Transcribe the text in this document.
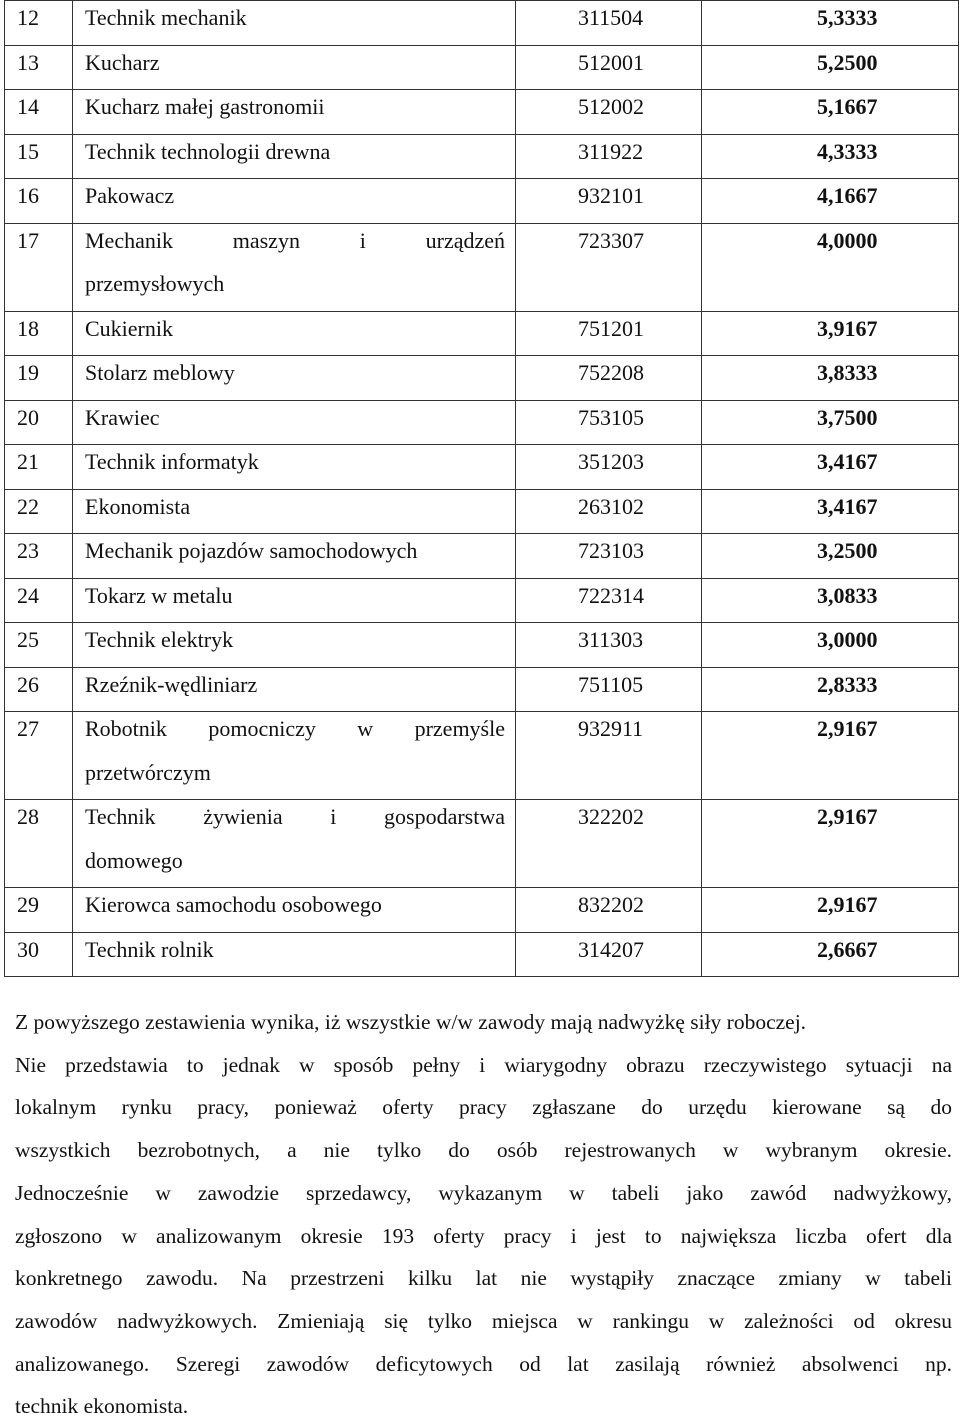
12	Technik mechanik	311504	5,3333

13	Kucharz	512001	5,2500

14	Kucharz małej gastronomii	512002	5,1667

15	Technik technologii drewna	311922	4,3333

16	Pakowacz	932101	4,1667

17	Mechanik maszyn i urządzeń
przemysłowych	723307	4,0000

18	Cukiernik	751201	3,9167

19	Stolarz meblowy	752208	3,8333

20	Krawiec	753105	3,7500

21	Technik informatyk	351203	3,4167

22	Ekonomista	263102	3,4167

23	Mechanik pojazdów samochodowych	723103	3,2500

24	Tokarz w metalu	722314	3,0833

25	Technik elektryk	311303	3,0000

26	Rzeźnik-wędliniarz	751105	2,8333

27	Robotnik pomocniczy w przemyśle
przetwórczym	932911	2,9167

28	Technik żywienia i gospodarstwa
domowego	322202	2,9167

29	Kierowca samochodu osobowego	832202	2,9167

30	Technik rolnik	314207	2,6667
Z powyższego zestawienia wynika, iż wszystkie w/w zawody mają nadwyżkę siły roboczej.
Nie przedstawia to jednak w sposób pełny i wiarygodny obrazu rzeczywistego sytuacji na
lokalnym rynku pracy, ponieważ oferty pracy zgłaszane do urzędu kierowane są do
wszystkich bezrobotnych, a nie tylko do osób rejestrowanych w wybranym okresie.
Jednocześnie w zawodzie sprzedawcy, wykazanym w tabeli jako zawód nadwyżkowy,
zgłoszono w analizowanym okresie 193 oferty pracy i jest to największa liczba ofert dla
konkretnego zawodu. Na przestrzeni kilku lat nie wystąpiły znaczące zmiany w tabeli
zawodów nadwyżkowych. Zmieniają się tylko miejsca w rankingu w zależności od okresu
analizowanego. Szeregi zawodów deficytowych od lat zasilają również absolwenci np.
technik ekonomista.
